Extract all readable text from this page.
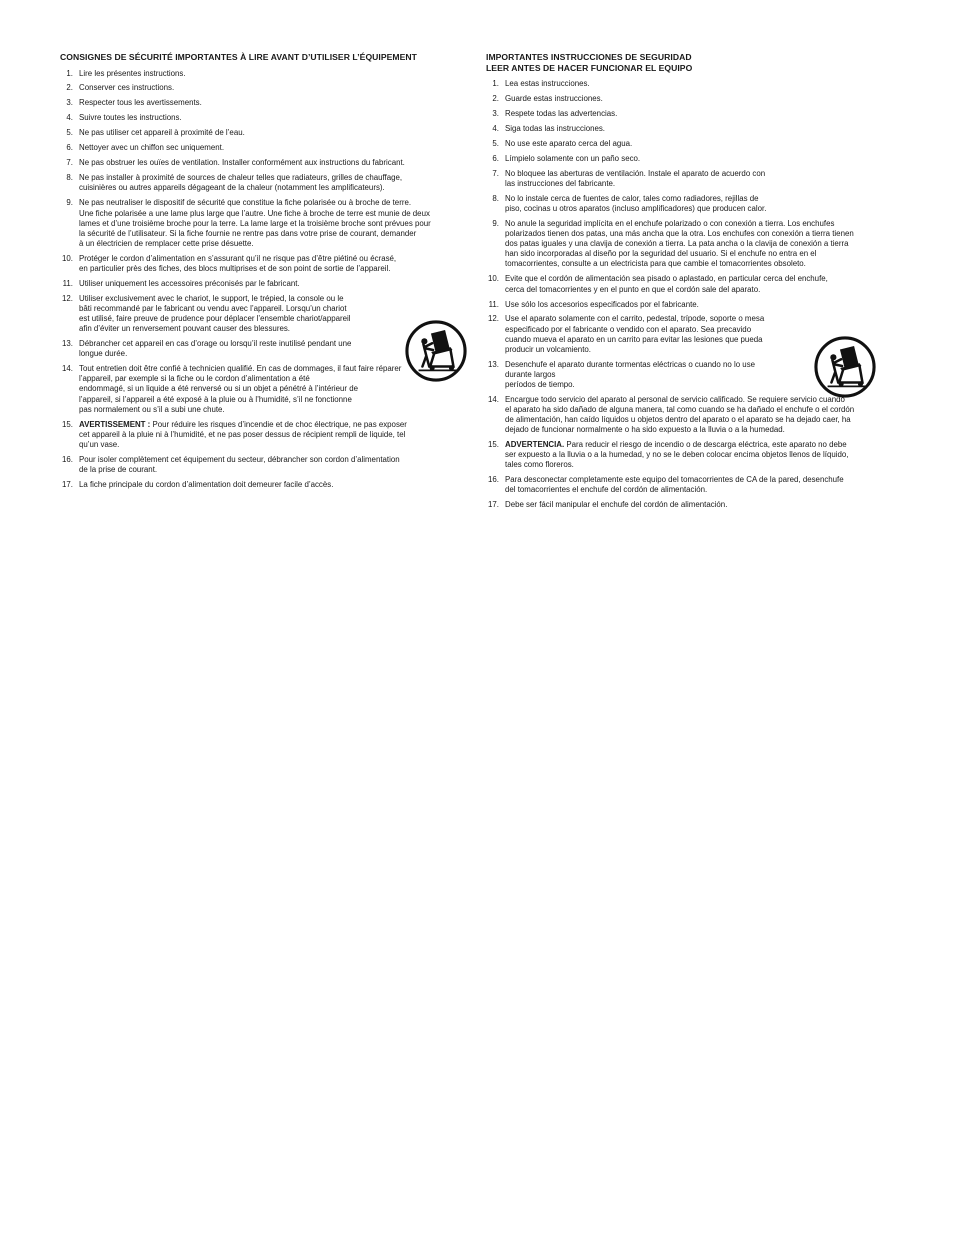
CONSIGNES DE SÉCURITÉ IMPORTANTES À LIRE AVANT D’UTILISER L’ÉQUIPEMENT
1. Lire les présentes instructions.
2. Conserver ces instructions.
3. Respecter tous les avertissements.
4. Suivre toutes les instructions.
5. Ne pas utiliser cet appareil à proximité de l’eau.
6. Nettoyer avec un chiffon sec uniquement.
7. Ne pas obstruer les ouïes de ventilation. Installer conformément aux instructions du fabricant.
8. Ne pas installer à proximité de sources de chaleur telles que radiateurs, grilles de chauffage,
cuisinières ou autres appareils dégageant de la chaleur (notamment les amplificateurs).
9. Ne pas neutraliser le dispositif de sécurité que constitue la fiche polarisée ou à broche de terre.
Une fiche polarisée a une lame plus large que l’autre. Une fiche à broche de terre est munie de deux
lames et d’une troisième broche pour la terre. La lame large et la troisième broche sont prévues pour
la sécurité de l’utilisateur. Si la fiche fournie ne rentre pas dans votre prise de courant, demander
à un électricien de remplacer cette prise désuette.
10. Protéger le cordon d’alimentation en s’assurant qu’il ne risque pas d’être piétiné ou écrasé,
en particulier près des fiches, des blocs multiprises et de son point de sortie de l’appareil.
11. Utiliser uniquement les accessoires préconisés par le fabricant.
12. Utiliser exclusivement avec le chariot, le support, le trépied, la console ou le
bâti recommandé par le fabricant ou vendu avec l’appareil. Lorsqu’un chariot
est utilisé, faire preuve de prudence pour déplacer l’ensemble chariot/appareil
afin d’éviter un renversement pouvant causer des blessures.
13. Débrancher cet appareil en cas d’orage ou lorsqu’il reste inutilisé pendant une
longue durée.
14. Tout entretien doit être confié à technicien qualifié. En cas de dommages, il faut faire réparer
l’appareil, par exemple si la fiche ou le cordon d’alimentation a été
endommagé, si un liquide a été renversé ou si un objet a pénétré à l’intérieur de
l’appareil, si l’appareil a été exposé à la pluie ou à l’humidité, s’il ne fonctionne
pas normalement ou s’il a subi une chute.
15. AVERTISSEMENT : Pour réduire les risques d’incendie et de choc électrique, ne pas exposer
cet appareil à la pluie ni à l’humidité, et ne pas poser dessus de récipient rempli de liquide, tel
qu’un vase.
16. Pour isoler complètement cet équipement du secteur, débrancher son cordon d’alimentation
de la prise de courant.
17. La fiche principale du cordon d’alimentation doit demeurer facile d’accès.
IMPORTANTES INSTRUCCIONES DE SEGURIDAD
LEER ANTES DE HACER FUNCIONAR EL EQUIPO
1. Lea estas instrucciones.
2. Guarde estas instrucciones.
3. Respete todas las advertencias.
4. Siga todas las instrucciones.
5. No use este aparato cerca del agua.
6. Límpielo solamente con un paño seco.
7. No bloquee las aberturas de ventilación. Instale el aparato de acuerdo con
las instrucciones del fabricante.
8. No lo instale cerca de fuentes de calor, tales como radiadores, rejillas de
piso, cocinas u otros aparatos (incluso amplificadores) que producen calor.
9. No anule la seguridad implícita en el enchufe polarizado o con conexión a tierra. Los enchufes
polarizados tienen dos patas, una más ancha que la otra. Los enchufes con conexión a tierra tienen
dos patas iguales y una clavija de conexión a tierra. La pata ancha o la clavija de conexión a tierra
han sido incorporadas al diseño por la seguridad del usuario. Si el enchufe no entra en el
tomacorrientes, consulte a un electricista para que cambie el tomacorrientes obsoleto.
10. Evite que el cordón de alimentación sea pisado o aplastado, en particular cerca del enchufe,
cerca del tomacorrientes y en el punto en que el cordón sale del aparato.
11. Use sólo los accesorios especificados por el fabricante.
12. Use el aparato solamente con el carrito, pedestal, trípode, soporte o mesa
especificado por el fabricante o vendido con el aparato. Sea precavido
cuando mueva el aparato en un carrito para evitar las lesiones que pueda
producir un volcamiento.
13. Desenchufe el aparato durante tormentas eléctricas o cuando no lo use
durante largos
períodos de tiempo.
14. Encargue todo servicio del aparato al personal de servicio calificado. Se requiere servicio cuando
el aparato ha sido dañado de alguna manera, tal como cuando se ha dañado el enchufe o el cordón
de alimentación, han caído líquidos u objetos dentro del aparato o el aparato se ha dejado caer, ha
dejado de funcionar normalmente o ha sido expuesto a la lluvia o a la humedad.
15. ADVERTENCIA. Para reducir el riesgo de incendio o de descarga eléctrica, este aparato no debe
ser expuesto a la lluvia o a la humedad, y no se le deben colocar encima objetos llenos de líquido,
tales como floreros.
16. Para desconectar completamente este equipo del tomacorrientes de CA de la pared, desenchufe
del tomacorrientes el enchufe del cordón de alimentación.
17. Debe ser fácil manipular el enchufe del cordón de alimentación.
